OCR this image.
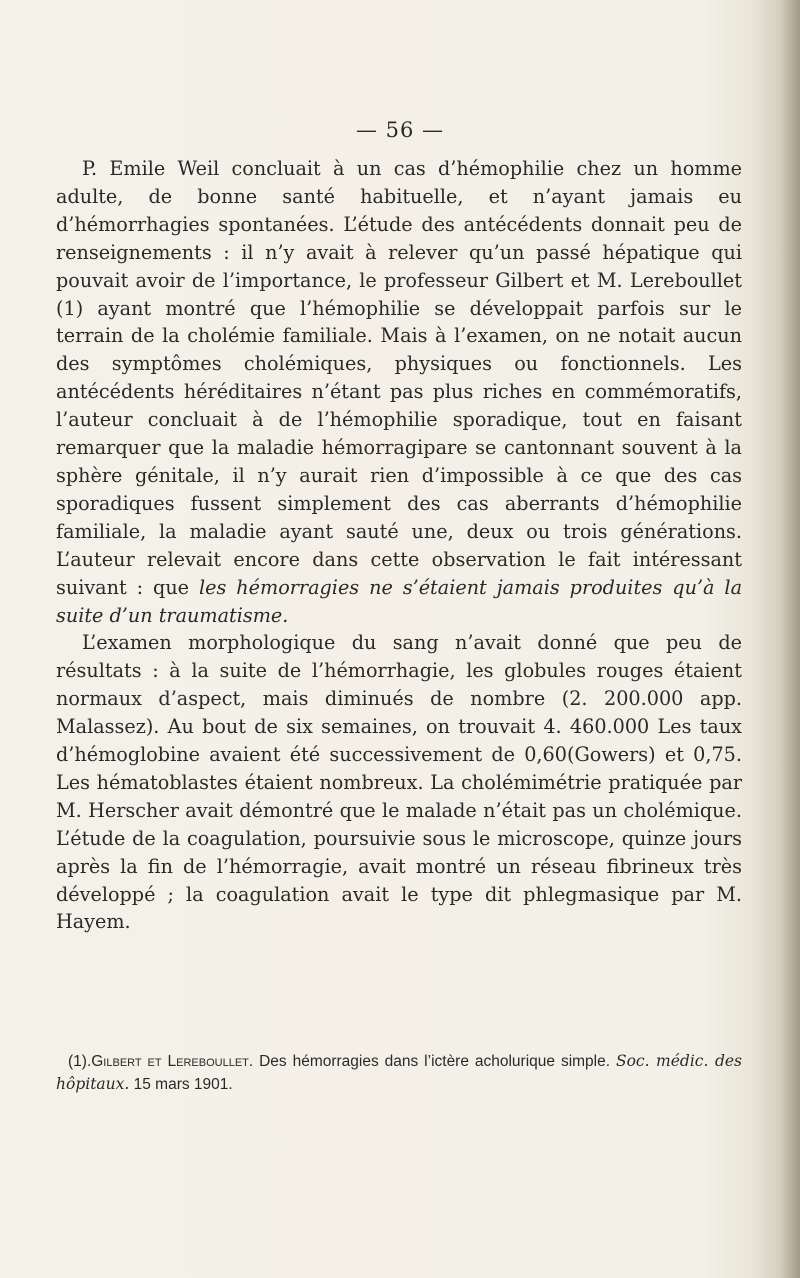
— 56 —

P. Emile Weil concluait à un cas d’hémophilie chez un homme adulte, de bonne santé habituelle, et n’ayant jamais eu d’hémorrhagies spontanées. L’étude des antécédents donnait peu de renseignements : il n’y avait à relever qu’un passé hépatique qui pouvait avoir de l’importance, le professeur Gilbert et M. Lereboullet (1) ayant montré que l’hémophilie se développait parfois sur le terrain de la cholémie familiale. Mais à l’examen, on ne notait aucun des symptômes cholémiques, physiques ou fonctionnels. Les antécédents héréditaires n’étant pas plus riches en commémoratifs, l’auteur concluait à de l’hémophilie sporadique, tout en faisant remarquer que la maladie hémorragipare se cantonnant souvent à la sphère génitale, il n’y aurait rien d’impossible à ce que des cas sporadiques fussent simplement des cas aberrants d’hémophilie familiale, la maladie ayant sauté une, deux ou trois générations. L’auteur relevait encore dans cette observation le fait intéressant suivant : que les hémorragies ne s’étaient jamais produites qu’à la suite d’un traumatisme.

L’examen morphologique du sang n’avait donné que peu de résultats : à la suite de l’hémorrhagie, les globules rouges étaient normaux d’aspect, mais diminués de nombre (2. 200.000 app. Malassez). Au bout de six semaines, on trouvait 4. 460.000 Les taux d’hémoglobine avaient été successivement de 0,60(Gowers) et 0,75. Les hématoblastes étaient nombreux. La cholémimétrie pratiquée par M. Herscher avait démontré que le malade n’était pas un cholémique. L’étude de la coagulation, poursuivie sous le microscope, quinze jours après la fin de l’hémorragie, avait montré un réseau fibrineux très développé ; la coagulation avait le type dit phlegmasique par M. Hayem.

(1).Gilbert et Lereboullet. Des hémorragies dans l’ictère acholurique simple. Soc. médic. des hôpitaux. 15 mars 1901.
